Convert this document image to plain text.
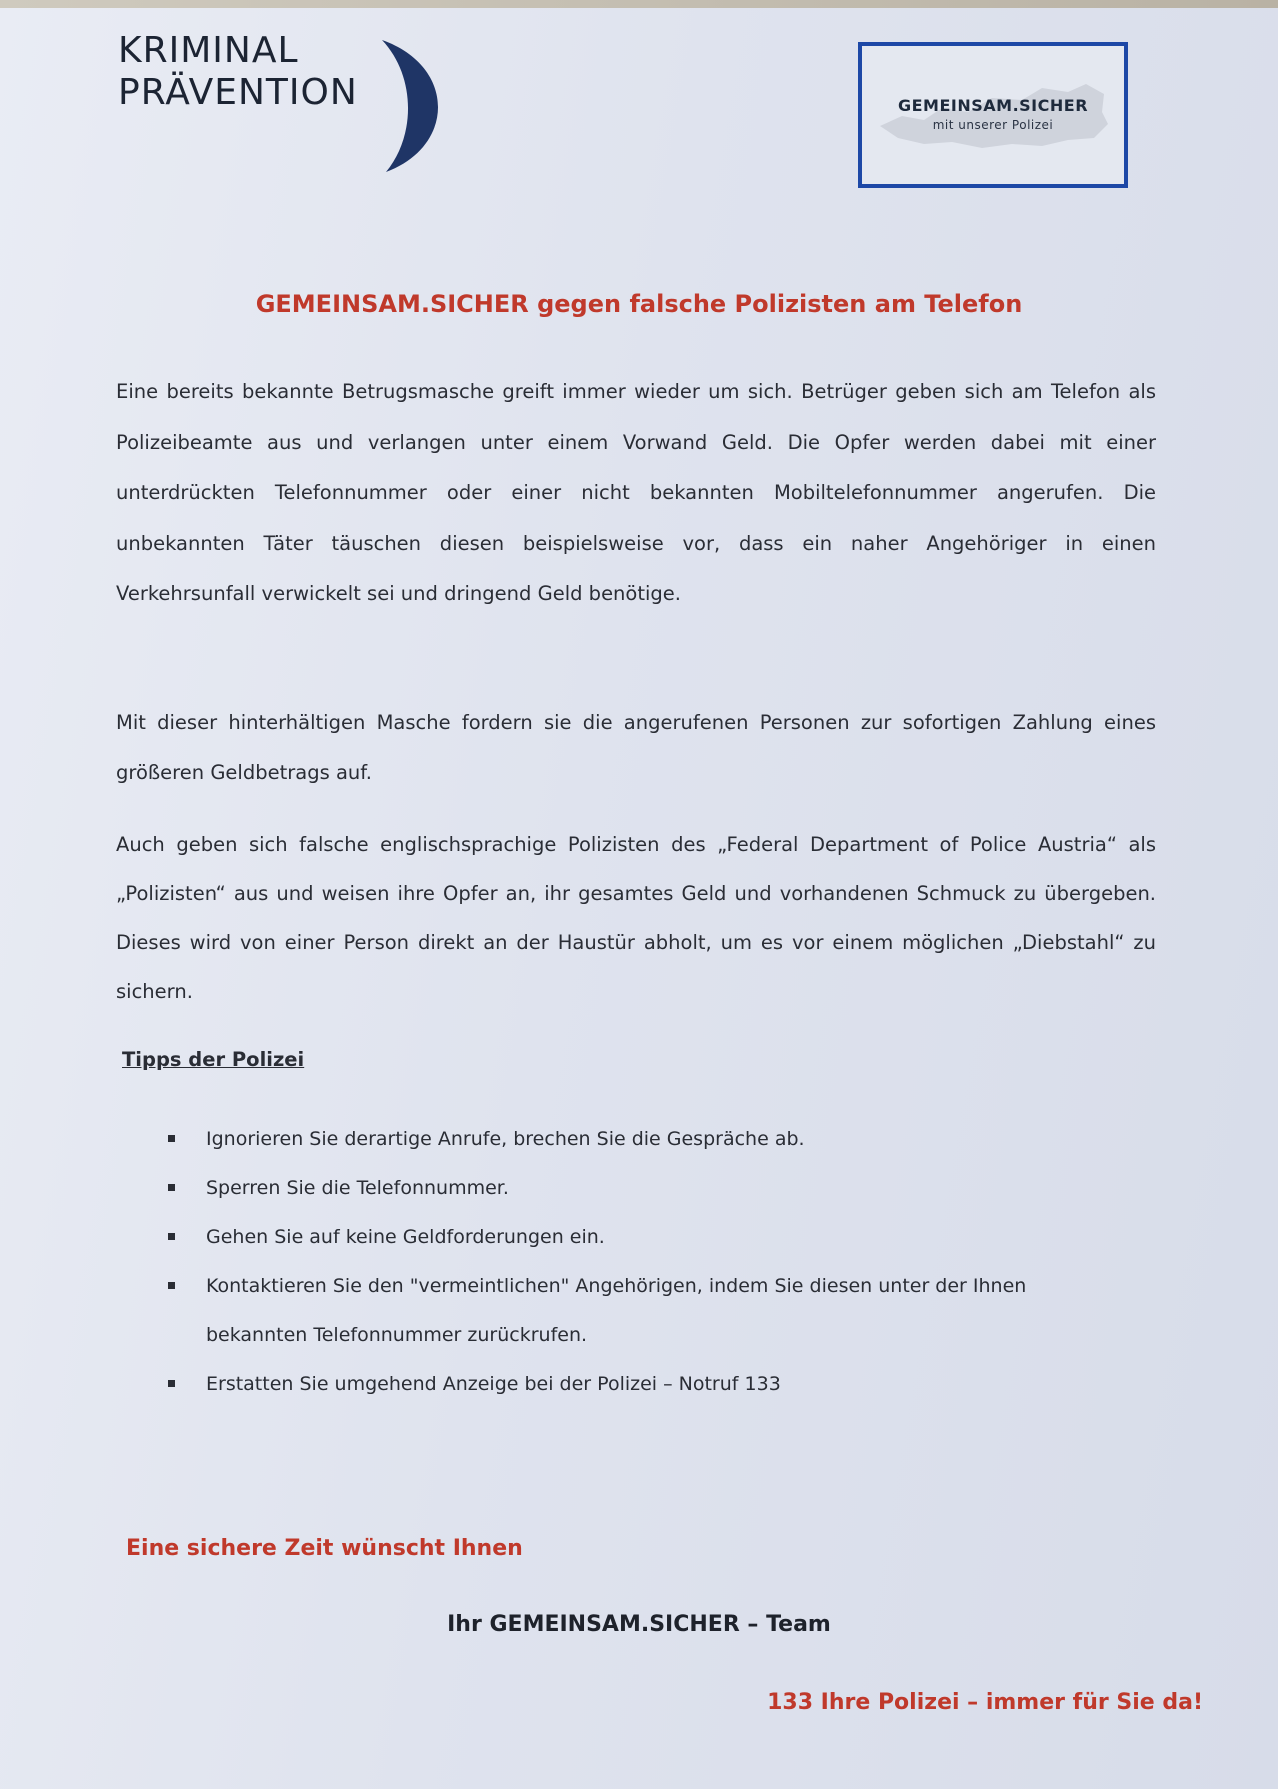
KRIMINAL
PRÄVENTION	GEMEINSAM.SICHER
mit unserer Polizei
GEMEINSAM.SICHER gegen falsche Polizisten am Telefon

Eine bereits bekannte Betrugsmasche greift immer wieder um sich. Betrüger geben sich am Telefon als Polizeibeamte aus und verlangen unter einem Vorwand Geld. Die Opfer werden dabei mit einer unterdrückten Telefonnummer oder einer nicht bekannten Mobiltelefonnummer angerufen. Die unbekannten Täter täuschen diesen beispielsweise vor, dass ein naher Angehöriger in einen Verkehrsunfall verwickelt sei und dringend Geld benötige.

Mit dieser hinterhältigen Masche fordern sie die angerufenen Personen zur sofortigen Zahlung eines größeren Geldbetrags auf.

Auch geben sich falsche englischsprachige Polizisten des „Federal Department of Police Austria“ als „Polizisten“ aus und weisen ihre Opfer an, ihr gesamtes Geld und vorhandenen Schmuck zu übergeben. Dieses wird von einer Person direkt an der Haustür abholt, um es vor einem möglichen „Diebstahl“ zu sichern.

Tipps der Polizei
Ignorieren Sie derartige Anrufe, brechen Sie die Gespräche ab.
Sperren Sie die Telefonnummer.
Gehen Sie auf keine Geldforderungen ein.
Kontaktieren Sie den "vermeintlichen" Angehörigen, indem Sie diesen unter der Ihnen bekannten Telefonnummer zurückrufen.
Erstatten Sie umgehend Anzeige bei der Polizei – Notruf 133
Eine sichere Zeit wünscht Ihnen
Ihr GEMEINSAM.SICHER – Team
133 Ihre Polizei – immer für Sie da!
